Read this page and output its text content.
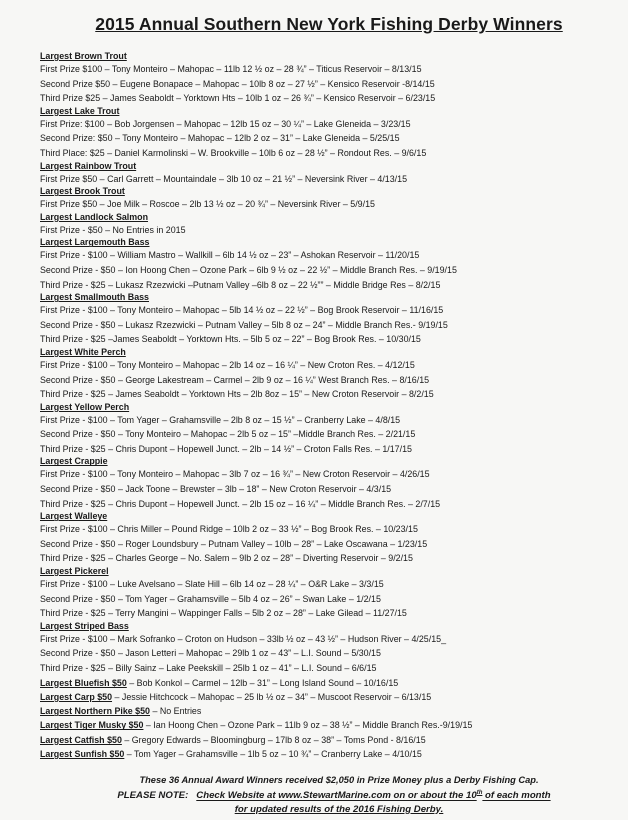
2015 Annual Southern New York Fishing Derby Winners
Largest Brown Trout
First Prize $100 – Tony Monteiro – Mahopac – 11lb 12 ½ oz – 28 ¾” – Titicus Reservoir – 8/13/15
Second Prize $50 – Eugene Bonapace – Mahopac – 10lb 8 oz – 27 ½” – Kensico Reservoir -8/14/15
Third Prize $25 – James Seaboldt – Yorktown Hts – 10lb 1 oz – 26 ¾” – Kensico Reservoir – 6/23/15
Largest Lake Trout
First Prize: $100 – Bob Jorgensen – Mahopac – 12lb 15 oz – 30 ¼” – Lake Gleneida – 3/23/15
Second Prize: $50 – Tony Monteiro – Mahopac – 12lb 2 oz – 31” – Lake Gleneida – 5/25/15
Third Place: $25 – Daniel Karmolinski – W. Brookville – 10lb 6 oz – 28 ½” – Rondout Res. – 9/6/15
Largest Rainbow Trout
First Prize $50 – Carl Garrett – Mountaindale – 3lb 10 oz – 21 ½” – Neversink River – 4/13/15
Largest Brook Trout
First Prize $50 – Joe Milk – Roscoe – 2lb 13 ½ oz – 20 ¾” – Neversink River – 5/9/15
Largest Landlock Salmon
First Prize - $50 – No Entries in 2015
Largest Largemouth Bass
First Prize - $100 – William Mastro – Wallkill – 6lb 14 ½ oz – 23” – Ashokan Reservoir – 11/20/15
Second Prize - $50 – Ion Hoong Chen – Ozone Park – 6lb 9 ½ oz – 22 ½” – Middle Branch Res. – 9/19/15
Third Prize - $25 – Lukasz Rzezwicki –Putnam Valley –6lb 8 oz – 22 ½”” – Middle Bridge Res – 8/2/15
Largest Smallmouth Bass
First Prize - $100 – Tony Monteiro – Mahopac – 5lb 14 ½ oz – 22 ½” – Bog Brook Reservoir – 11/16/15
Second Prize - $50 – Lukasz Rzezwicki – Putnam Valley – 5lb 8 oz – 24” – Middle Branch Res.- 9/19/15
Third Prize - $25 –James Seaboldt – Yorktown Hts. – 5lb 5 oz – 22” – Bog Brook Res. – 10/30/15
Largest White Perch
First Prize - $100 – Tony Monteiro – Mahopac – 2lb 14 oz – 16 ¼” – New Croton Res. – 4/12/15
Second Prize - $50 – George Lakestream – Carmel – 2lb 9 oz – 16 ¼” West Branch Res. – 8/16/15
Third Prize - $25 – James Seaboldt – Yorktown Hts – 2lb 8oz – 15” – New Croton Reservoir – 8/2/15
Largest Yellow Perch
First Prize - $100 – Tom Yager – Grahamsville – 2lb 8 oz – 15 ½” – Cranberry Lake – 4/8/15
Second Prize - $50 – Tony Monteiro – Mahopac – 2lb 5 oz – 15” –Middle Branch Res. – 2/21/15
Third Prize - $25 – Chris Dupont – Hopewell Junct. – 2lb – 14 ½” – Croton Falls Res. – 1/17/15
Largest Crappie
First Prize - $100 – Tony Monteiro – Mahopac – 3lb 7 oz – 16 ¾” – New Croton Reservoir – 4/26/15
Second Prize - $50 – Jack Toone – Brewster – 3lb – 18” – New Croton Reservoir – 4/3/15
Third Prize - $25 – Chris Dupont – Hopewell Junct. – 2lb 15 oz – 16 ¼” – Middle Branch Res. – 2/7/15
Largest Walleye
First Prize - $100 – Chris Miller – Pound Ridge – 10lb 2 oz – 33 ½” – Bog Brook Res. – 10/23/15
Second Prize - $50 – Roger Loundsbury – Putnam Valley – 10lb – 28” – Lake Oscawana – 1/23/15
Third Prize - $25 – Charles George – No. Salem – 9lb 2 oz – 28” – Diverting Reservoir – 9/2/15
Largest Pickerel
First Prize - $100 – Luke Avelsano – Slate Hill – 6lb 14 oz – 28 ¼” – O&R Lake – 3/3/15
Second Prize - $50 – Tom Yager – Grahamsville – 5lb 4 oz – 26” – Swan Lake – 1/2/15
Third Prize - $25 – Terry Mangini – Wappinger Falls – 5lb 2 oz – 28” – Lake Gilead – 11/27/15
Largest Striped Bass
First Prize - $100 – Mark Sofranko – Croton on Hudson – 33lb ½ oz – 43 ½” – Hudson River – 4/25/15_
Second Prize - $50 – Jason Letteri – Mahopac – 29lb 1 oz – 43” – L.I. Sound – 5/30/15
Third Prize - $25 – Billy Sainz – Lake Peekskill – 25lb 1 oz – 41” – L.I. Sound – 6/6/15
Largest Bluefish $50 – Bob Konkol – Carmel – 12lb – 31” – Long Island Sound – 10/16/15
Largest Carp $50 – Jessie Hitchcock – Mahopac – 25 lb ½ oz – 34” – Muscoot Reservoir – 6/13/15
Largest Northern Pike $50 – No Entries
Largest Tiger Musky $50 – Ian Hoong Chen – Ozone Park – 11lb 9 oz – 38 ½” – Middle Branch Res.-9/19/15
Largest Catfish $50 – Gregory Edwards – Bloomingburg – 17lb 8 oz – 38” – Toms Pond - 8/16/15
Largest Sunfish $50 – Tom Yager – Grahamsville – 1lb 5 oz – 10 ¾” – Cranberry Lake – 4/10/15
These 36 Annual Award Winners received $2,050 in Prize Money plus a Derby Fishing Cap.
PLEASE NOTE: Check Website at www.StewartMarine.com on or about the 10th of each month
for updated results of the 2016 Fishing Derby.
